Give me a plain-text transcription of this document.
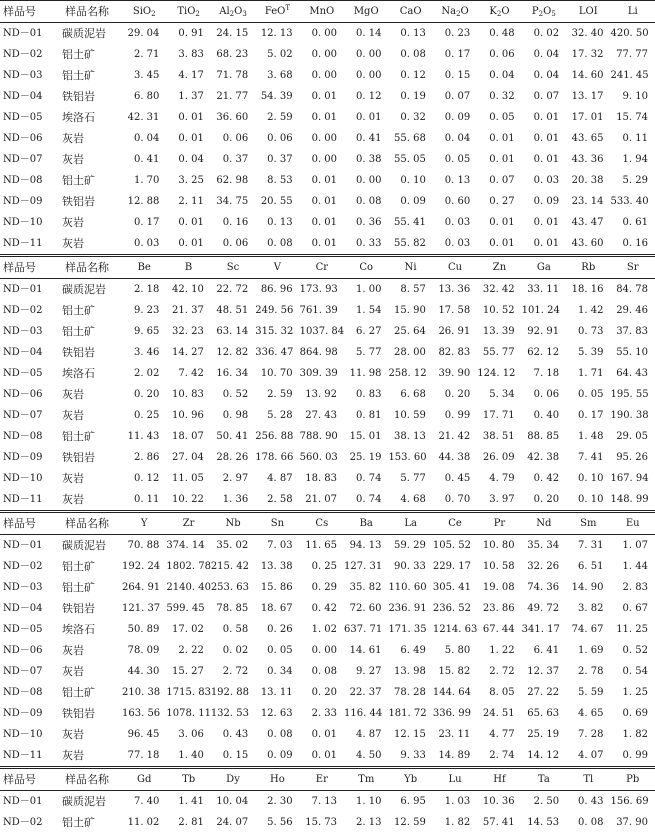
样品号	样品名称	SiO$_2$	TiO$_2$	$Al_2O_3$	FeO$^T$	MnO	MgO	CaO	$Na_2O$	$K_2O$	$P_2O_5$	LOI	Li
ND－01	碳质泥岩	29. 04	0. 91	24. 15	12. 13	0. 00	0. 14	0. 13	0. 23	0. 48	0. 02	32. 40	420. 50
ND－02	铝土矿	2. 71	3. 83	68. 23	5. 02	0. 00	0. 00	0. 08	0. 17	0. 06	0. 04	17. 32	77. 77
ND－03	铝土矿	3. 45	4. 17	71. 78	3. 68	0. 00	0. 00	0. 12	0. 15	0. 04	0. 04	14. 60	241. 45
ND－04	铁铝岩	6. 80	1. 37	21. 77	54. 39	0. 01	0. 12	0. 19	0. 07	0. 32	0. 07	13. 17	9. 10
ND－05	埃洛石	42. 31	0. 01	36. 60	2. 59	0. 01	0. 01	0. 32	0. 09	0. 05	0. 01	17. 01	15. 74
ND－06	灰岩	0. 04	0. 01	0. 06	0. 06	0. 00	0. 41	55. 68	0. 04	0. 01	0. 01	43. 65	0. 11
ND－07	灰岩	0. 41	0. 04	0. 37	0. 37	0. 00	0. 38	55. 05	0. 05	0. 01	0. 01	43. 36	1. 94
ND－08	铝土矿	1. 70	3. 25	62. 98	8. 53	0. 01	0. 00	0. 10	0. 13	0. 07	0. 03	20. 38	5. 29
ND－09	铁铝岩	12. 88	2. 11	34. 75	20. 55	0. 01	0. 08	0. 09	0. 60	0. 27	0. 09	23. 14	533. 40
ND－10	灰岩	0. 17	0. 01	0. 16	0. 13	0. 01	0. 36	55. 41	0. 03	0. 01	0. 01	43. 47	0. 61
ND－11	灰岩	0. 03	0. 01	0. 06	0. 08	0. 01	0. 33	55. 82	0. 03	0. 01	0. 01	43. 60	0. 16
样品号	样品名称	Be	B	Sc	V	Cr	Co	Ni	Cu	Zn	Ga	Rb	Sr
ND－01	碳质泥岩	2. 18	42. 10	22. 72	86. 96	173. 93	1. 00	8. 57	13. 36	32. 42	33. 11	18. 16	84. 78
ND－02	铝土矿	9. 23	21. 37	48. 51	249. 56	761. 39	1. 54	15. 90	17. 58	10. 52	101. 24	1. 42	29. 46
ND－03	铝土矿	9. 65	32. 23	63. 14	315. 32	1037. 84	6. 27	25. 64	26. 91	13. 39	92. 91	0. 73	37. 83
ND－04	铁铝岩	3. 46	14. 27	12. 82	336. 47	864. 98	5. 77	28. 00	82. 83	55. 77	62. 12	5. 39	55. 10
ND－05	埃洛石	2. 02	7. 42	16. 34	10. 70	309. 39	11. 98	258. 12	39. 90	124. 12	7. 18	1. 71	64. 43
ND－06	灰岩	0. 20	10. 83	0. 52	2. 59	13. 92	0. 83	6. 68	0. 20	5. 34	0. 06	0. 05	195. 55
ND－07	灰岩	0. 25	10. 96	0. 98	5. 28	27. 43	0. 81	10. 59	0. 99	17. 71	0. 40	0. 17	190. 38
ND－08	铝土矿	11. 43	18. 07	50. 41	256. 88	788. 90	15. 01	38. 13	21. 42	38. 51	88. 85	1. 48	29. 05
ND－09	铁铝岩	2. 86	27. 04	28. 26	178. 66	560. 03	25. 19	153. 60	44. 38	26. 09	42. 38	7. 41	95. 26
ND－10	灰岩	0. 12	11. 05	2. 97	4. 87	18. 83	0. 74	5. 77	0. 45	4. 79	0. 42	0. 10	167. 94
ND－11	灰岩	0. 11	10. 22	1. 36	2. 58	21. 07	0. 74	4. 68	0. 70	3. 97	0. 20	0. 10	148. 99
样品号	样品名称	Y	Zr	Nb	Sn	Cs	Ba	La	Ce	Pr	Nd	Sm	Eu
ND－01	碳质泥岩	70. 88	374. 14	35. 02	7. 03	11. 65	94. 13	59. 29	105. 52	10. 80	35. 34	7. 31	1. 07
ND－02	铝土矿	192. 24	1802. 78	215. 42	13. 38	0. 25	127. 31	90. 33	229. 17	10. 58	32. 26	6. 51	1. 44
ND－03	铝土矿	264. 91	2140. 40	253. 63	15. 86	0. 29	35. 82	110. 60	305. 41	19. 08	74. 36	14. 90	2. 83
ND－04	铁铝岩	121. 37	599. 45	78. 85	18. 67	0. 42	72. 60	236. 91	236. 52	23. 86	49. 72	3. 82	0. 67
ND－05	埃洛石	50. 89	17. 02	0. 58	0. 26	1. 02	637. 71	171. 35	1214. 63	67. 44	341. 17	74. 67	11. 25
ND－06	灰岩	78. 09	2. 22	0. 02	0. 05	0. 00	14. 61	6. 49	5. 80	1. 22	6. 41	1. 69	0. 52
ND－07	灰岩	44. 30	15. 27	2. 72	0. 34	0. 08	9. 27	13. 98	15. 82	2. 72	12. 37	2. 78	0. 54
ND－08	铝土矿	210. 38	1715. 83	192. 88	13. 11	0. 20	22. 37	78. 28	144. 64	8. 05	27. 22	5. 59	1. 25
ND－09	铁铝岩	163. 56	1078. 11	132. 53	12. 63	2. 33	116. 44	181. 72	336. 99	24. 51	65. 63	4. 65	0. 69
ND－10	灰岩	96. 45	3. 06	0. 43	0. 08	0. 01	4. 87	12. 15	23. 11	4. 77	25. 19	7. 28	1. 82
ND－11	灰岩	77. 18	1. 40	0. 15	0. 09	0. 01	4. 50	9. 33	14. 89	2. 74	14. 12	4. 07	0. 99
样品号	样品名称	Gd	Tb	Dy	Ho	Er	Tm	Yb	Lu	Hf	Ta	Tl	Pb
ND－01	碳质泥岩	7. 40	1. 41	10. 04	2. 30	7. 13	1. 10	6. 95	1. 03	10. 36	2. 50	0. 43	156. 69
ND－02	铝土矿	11. 02	2. 81	24. 07	5. 56	15. 73	2. 13	12. 59	1. 82	57. 41	14. 53	0. 08	37. 90
